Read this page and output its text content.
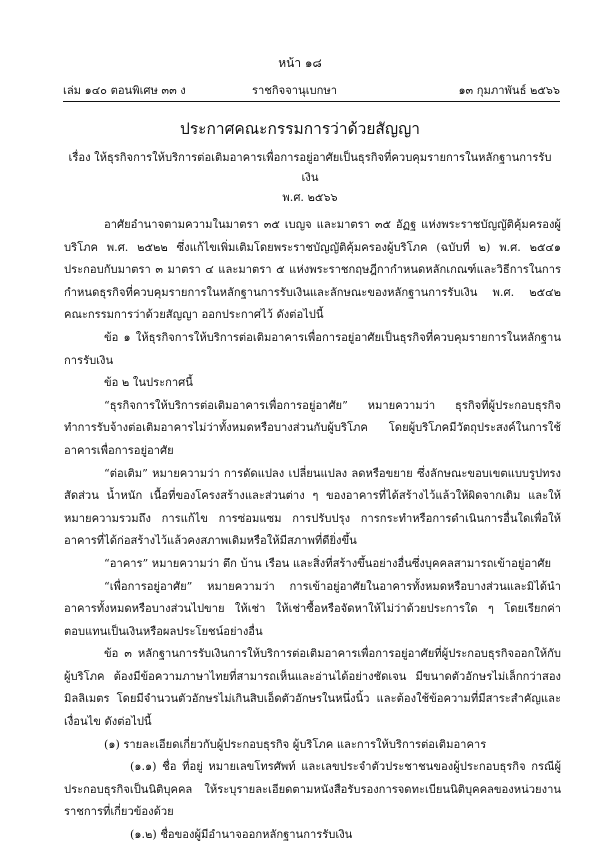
หน้า ๑๘
เล่ม ๑๔๐ ตอนพิเศษ ๓๓ ง	ราชกิจจานุเบกษา	๑๓ กุมภาพันธ์ ๒๕๖๖
ประกาศคณะกรรมการว่าด้วยสัญญา
เรื่อง ให้ธุรกิจการให้บริการต่อเติมอาคารเพื่อการอยู่อาศัยเป็นธุรกิจที่ควบคุมรายการในหลักฐานการรับเงิน
พ.ศ. ๒๕๖๖

อาศัยอำนาจตามความในมาตรา ๓๕ เบญจ และมาตรา ๓๕ อัฏฐ แห่งพระราชบัญญัติคุ้มครองผู้บริโภค พ.ศ. ๒๕๒๒ ซึ่งแก้ไขเพิ่มเติมโดยพระราชบัญญัติคุ้มครองผู้บริโภค (ฉบับที่ ๒) พ.ศ. ๒๕๔๑ ประกอบกับมาตรา ๓ มาตรา ๔ และมาตรา ๕ แห่งพระราชกฤษฎีกากำหนดหลักเกณฑ์และวิธีการในการกำหนดธุรกิจที่ควบคุมรายการในหลักฐานการรับเงินและลักษณะของหลักฐานการรับเงิน พ.ศ. ๒๕๔๒ คณะกรรมการว่าด้วยสัญญา ออกประกาศไว้ ดังต่อไปนี้

ข้อ ๑ ให้ธุรกิจการให้บริการต่อเติมอาคารเพื่อการอยู่อาศัยเป็นธุรกิจที่ควบคุมรายการในหลักฐานการรับเงิน

ข้อ ๒ ในประกาศนี้

“ธุรกิจการให้บริการต่อเติมอาคารเพื่อการอยู่อาศัย” หมายความว่า ธุรกิจที่ผู้ประกอบธุรกิจทำการรับจ้างต่อเติมอาคารไม่ว่าทั้งหมดหรือบางส่วนกับผู้บริโภค โดยผู้บริโภคมีวัตถุประสงค์ในการใช้อาคารเพื่อการอยู่อาศัย

“ต่อเติม” หมายความว่า การดัดแปลง เปลี่ยนแปลง ลดหรือขยาย ซึ่งลักษณะขอบเขตแบบรูปทรง สัดส่วน น้ำหนัก เนื้อที่ของโครงสร้างและส่วนต่าง ๆ ของอาคารที่ได้สร้างไว้แล้วให้ผิดจากเดิม และให้หมายความรวมถึง การแก้ไข การซ่อมแซม การปรับปรุง การกระทำหรือการดำเนินการอื่นใดเพื่อให้อาคารที่ได้ก่อสร้างไว้แล้วคงสภาพเดิมหรือให้มีสภาพที่ดียิ่งขึ้น

“อาคาร” หมายความว่า ตึก บ้าน เรือน และสิ่งที่สร้างขึ้นอย่างอื่นซึ่งบุคคลสามารถเข้าอยู่อาศัย

“เพื่อการอยู่อาศัย” หมายความว่า การเข้าอยู่อาศัยในอาคารทั้งหมดหรือบางส่วนและมิได้นำอาคารทั้งหมดหรือบางส่วนไปขาย ให้เช่า ให้เช่าซื้อหรือจัดหาให้ไม่ว่าด้วยประการใด ๆ โดยเรียกค่าตอบแทนเป็นเงินหรือผลประโยชน์อย่างอื่น

ข้อ ๓ หลักฐานการรับเงินการให้บริการต่อเติมอาคารเพื่อการอยู่อาศัยที่ผู้ประกอบธุรกิจออกให้กับผู้บริโภค ต้องมีข้อความภาษาไทยที่สามารถเห็นและอ่านได้อย่างชัดเจน มีขนาดตัวอักษรไม่เล็กกว่าสองมิลลิเมตร โดยมีจำนวนตัวอักษรไม่เกินสิบเอ็ดตัวอักษรในหนึ่งนิ้ว และต้องใช้ข้อความที่มีสาระสำคัญและเงื่อนไข ดังต่อไปนี้

(๑) รายละเอียดเกี่ยวกับผู้ประกอบธุรกิจ ผู้บริโภค และการให้บริการต่อเติมอาคาร

(๑.๑) ชื่อ ที่อยู่ หมายเลขโทรศัพท์ และเลขประจำตัวประชาชนของผู้ประกอบธุรกิจ กรณีผู้ประกอบธุรกิจเป็นนิติบุคคล ให้ระบุรายละเอียดตามหนังสือรับรองการจดทะเบียนนิติบุคคลของหน่วยงานราชการที่เกี่ยวข้องด้วย

(๑.๒) ชื่อของผู้มีอำนาจออกหลักฐานการรับเงิน
